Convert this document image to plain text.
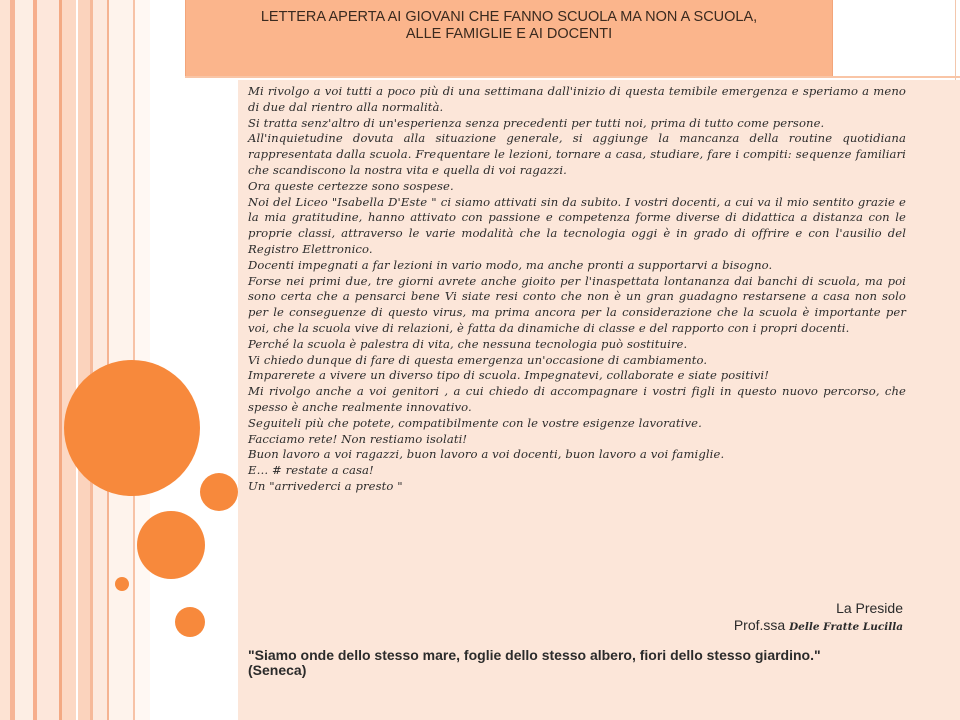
LETTERA APERTA AI GIOVANI CHE FANNO SCUOLA MA NON A SCUOLA,
ALLE FAMIGLIE E AI DOCENTI

Mi rivolgo a voi tutti a poco più di una settimana dall'inizio di questa temibile emergenza e speriamo a meno di due dal rientro alla normalità.

Si tratta senz'altro di un'esperienza senza precedenti per tutti noi, prima di tutto come persone.

All'inquietudine dovuta alla situazione generale, si aggiunge la mancanza della routine quotidiana rappresentata dalla scuola. Frequentare le lezioni, tornare a casa, studiare, fare i compiti: sequenze familiari che scandiscono la nostra vita e quella di voi ragazzi.

Ora queste certezze sono sospese.

Noi del Liceo "Isabella D'Este " ci siamo attivati sin da subito. I vostri docenti, a cui va il mio sentito grazie e la mia gratitudine, hanno attivato con passione e competenza forme diverse di didattica a distanza con le proprie classi, attraverso le varie modalità che la tecnologia oggi è in grado di offrire e con l'ausilio del Registro Elettronico.

Docenti impegnati a far lezioni in vario modo, ma anche pronti a supportarvi a bisogno.

Forse nei primi due, tre giorni avrete anche gioito per l'inaspettata lontananza dai banchi di scuola, ma poi sono certa che a pensarci bene Vi siate resi conto che non è un gran guadagno restarsene a casa non solo per le conseguenze di questo virus, ma prima ancora per la considerazione che la scuola è importante per voi, che la scuola vive di relazioni, è fatta da dinamiche di classe e del rapporto con i propri docenti.

Perché la scuola è palestra di vita, che nessuna tecnologia può sostituire.

Vi chiedo dunque di fare di questa emergenza un'occasione di cambiamento.

Imparerete a vivere un diverso tipo di scuola. Impegnatevi, collaborate e siate positivi!

Mi rivolgo anche a voi genitori , a cui chiedo di accompagnare i vostri figli in questo nuovo percorso, che spesso è anche realmente innovativo.

Seguiteli più che potete, compatibilmente con le vostre esigenze lavorative.

Facciamo rete! Non restiamo isolati!

Buon lavoro a voi ragazzi, buon lavoro a voi docenti, buon lavoro a voi famiglie.

E… # restate a casa!

Un "arrivederci a presto "

La Preside
Prof.ssa Delle Fratte Lucilla
"Siamo onde dello stesso mare, foglie dello stesso albero, fiori dello stesso giardino."
(Seneca)
